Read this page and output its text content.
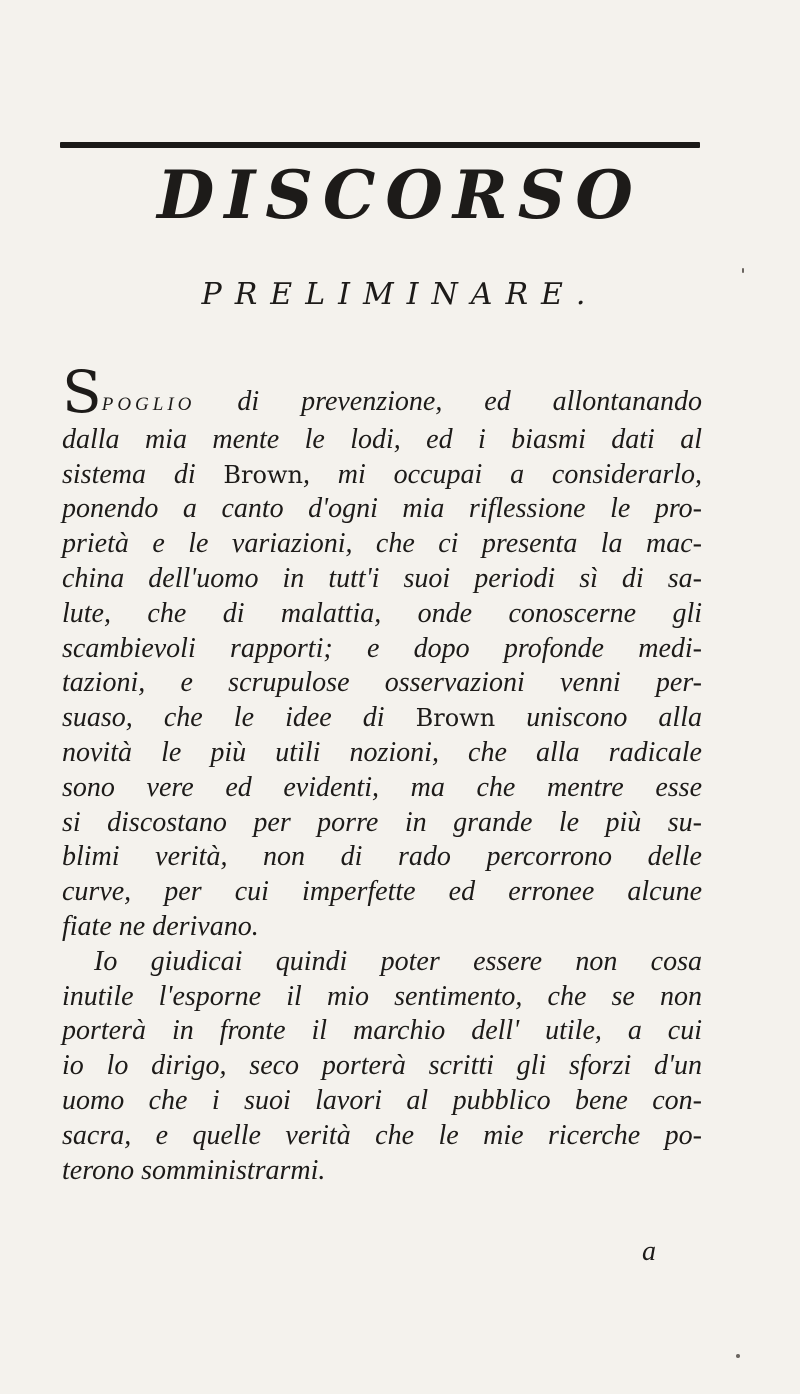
DISCORSO
PRELIMINARE.
SPOGLIO di prevenzione, ed allontanando
dalla mia mente le lodi, ed i biasmi dati al
sistema di Brown, mi occupai a considerarlo,
ponendo a canto d'ogni mia riflessione le pro-
prietà e le variazioni, che ci presenta la mac-
china dell'uomo in tutt'i suoi periodi sì di sa-
lute, che di malattia, onde conoscerne gli
scambievoli rapporti; e dopo profonde medi-
tazioni, e scrupulose osservazioni venni per-
suaso, che le idee di Brown uniscono alla
novità le più utili nozioni, che alla radicale
sono vere ed evidenti, ma che mentre esse
si discostano per porre in grande le più su-
blimi verità, non di rado percorrono delle
curve, per cui imperfette ed erronee alcune
fiate ne derivano.
Io giudicai quindi poter essere non cosa
inutile l'esporne il mio sentimento, che se non
porterà in fronte il marchio dell' utile, a cui
io lo dirigo, seco porterà scritti gli sforzi d'un
uomo che i suoi lavori al pubblico bene con-
sacra, e quelle verità che le mie ricerche po-
terono somministrarmi.
a
